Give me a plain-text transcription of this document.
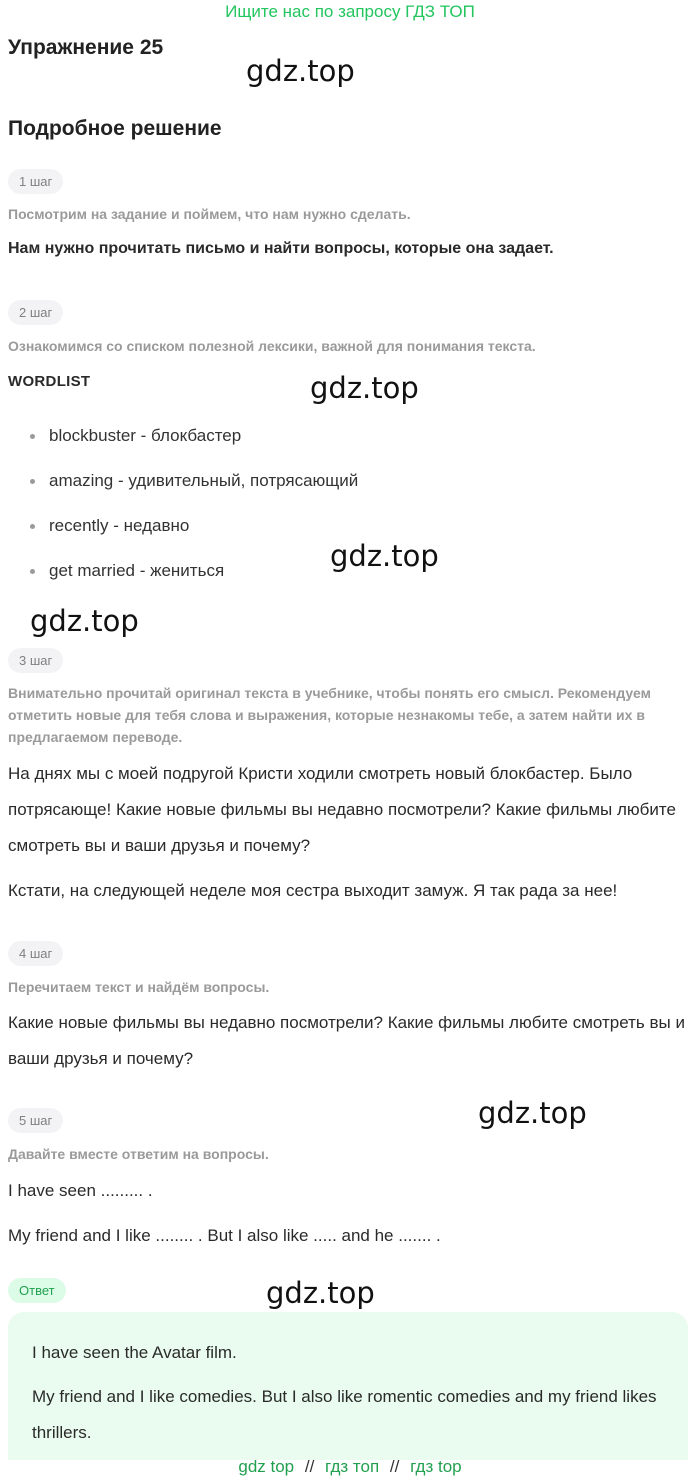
Ищите нас по запросу ГДЗ ТОП
Упражнение 25
gdz.top
Подробное решение
1 шаг
Посмотрим на задание и поймем, что нам нужно сделать.
Нам нужно прочитать письмо и найти вопросы, которые она задает.
2 шаг
Ознакомимся со списком полезной лексики, важной для понимания текста.
WORDLIST	gdz.top
blockbuster - блокбастер
amazing - удивительный, потрясающий
recently - недавно
get married - жениться	gdz.top
gdz.top
3 шаг
Внимательно прочитай оригинал текста в учебнике, чтобы понять его смысл. Рекомендуем отметить новые для тебя слова и выражения, которые незнакомы тебе, а затем найти их в предлагаемом переводе.
На днях мы с моей подругой Кристи ходили смотреть новый блокбастер. Было потрясающе! Какие новые фильмы вы недавно посмотрели? Какие фильмы любите смотреть вы и ваши друзья и почему?
Кстати, на следующей неделе моя сестра выходит замуж. Я так рада за нее!
4 шаг
Перечитаем текст и найдём вопросы.
Какие новые фильмы вы недавно посмотрели? Какие фильмы любите смотреть вы и ваши друзья и почему?
5 шаг	gdz.top
Давайте вместе ответим на вопросы.
I have seen ......... .
My friend and I like ........ . But I also like ..... and he ....... .
Ответ	gdz.top

I have seen the Avatar film.

My friend and I like comedies. But I also like romentic comedies and my friend likes thrillers.

gdz top // гдз топ // гдз top
